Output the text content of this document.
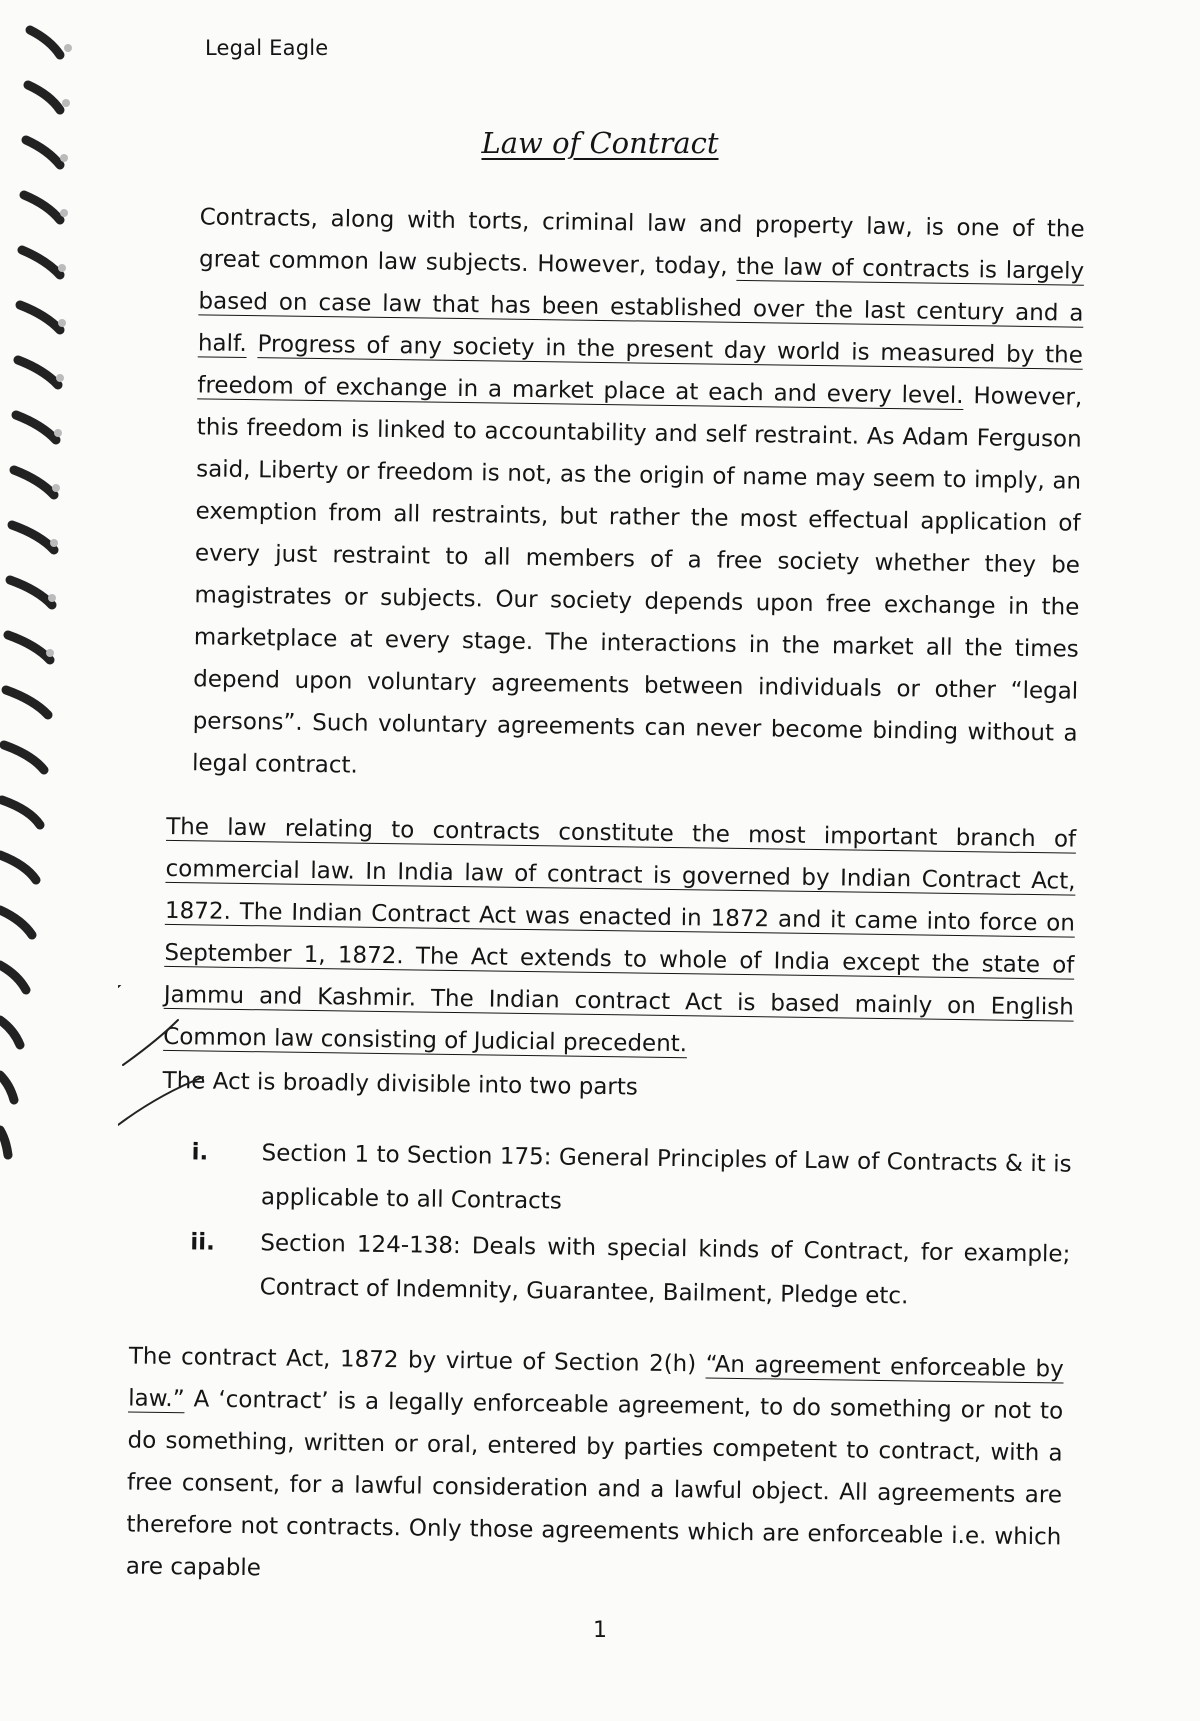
Legal Eagle
Law of Contract

Contracts, along with torts, criminal law and property law, is one of the great common law subjects. However, today, the law of contracts is largely based on case law that has been established over the last century and a half. Progress of any society in the present day world is measured by the freedom of exchange in a market place at each and every level. However, this freedom is linked to accountability and self restraint. As Adam Ferguson said, Liberty or freedom is not, as the origin of name may seem to imply, an exemption from all restraints, but rather the most effectual application of every just restraint to all members of a free society whether they be magistrates or subjects. Our society depends upon free exchange in the marketplace at every stage. The interactions in the market all the times depend upon voluntary agreements between individuals or other “legal persons”. Such voluntary agreements can never become binding without a legal contract.

The law relating to contracts constitute the most important branch of commercial law. In India law of contract is governed by Indian Contract Act, 1872. The Indian Contract Act was enacted in 1872 and it came into force on September 1, 1872. The Act extends to whole of India except the state of Jammu and Kashmir. The Indian contract Act is based mainly on English Common law consisting of Judicial precedent.

The Act is broadly divisible into two parts

i.	Section 1 to Section 175: General Principles of Law of Contracts & it is applicable to all Contracts
ii.	Section 124-138: Deals with special kinds of Contract, for example; Contract of Indemnity, Guarantee, Bailment, Pledge etc.

The contract Act, 1872 by virtue of Section 2(h) “An agreement enforceable by law.” A ‘contract’ is a legally enforceable agreement, to do something or not to do something, written or oral, entered by parties competent to contract, with a free consent, for a lawful consideration and a lawful object. All agreements are therefore not contracts. Only those agreements which are enforceable i.e. which are capable

1
